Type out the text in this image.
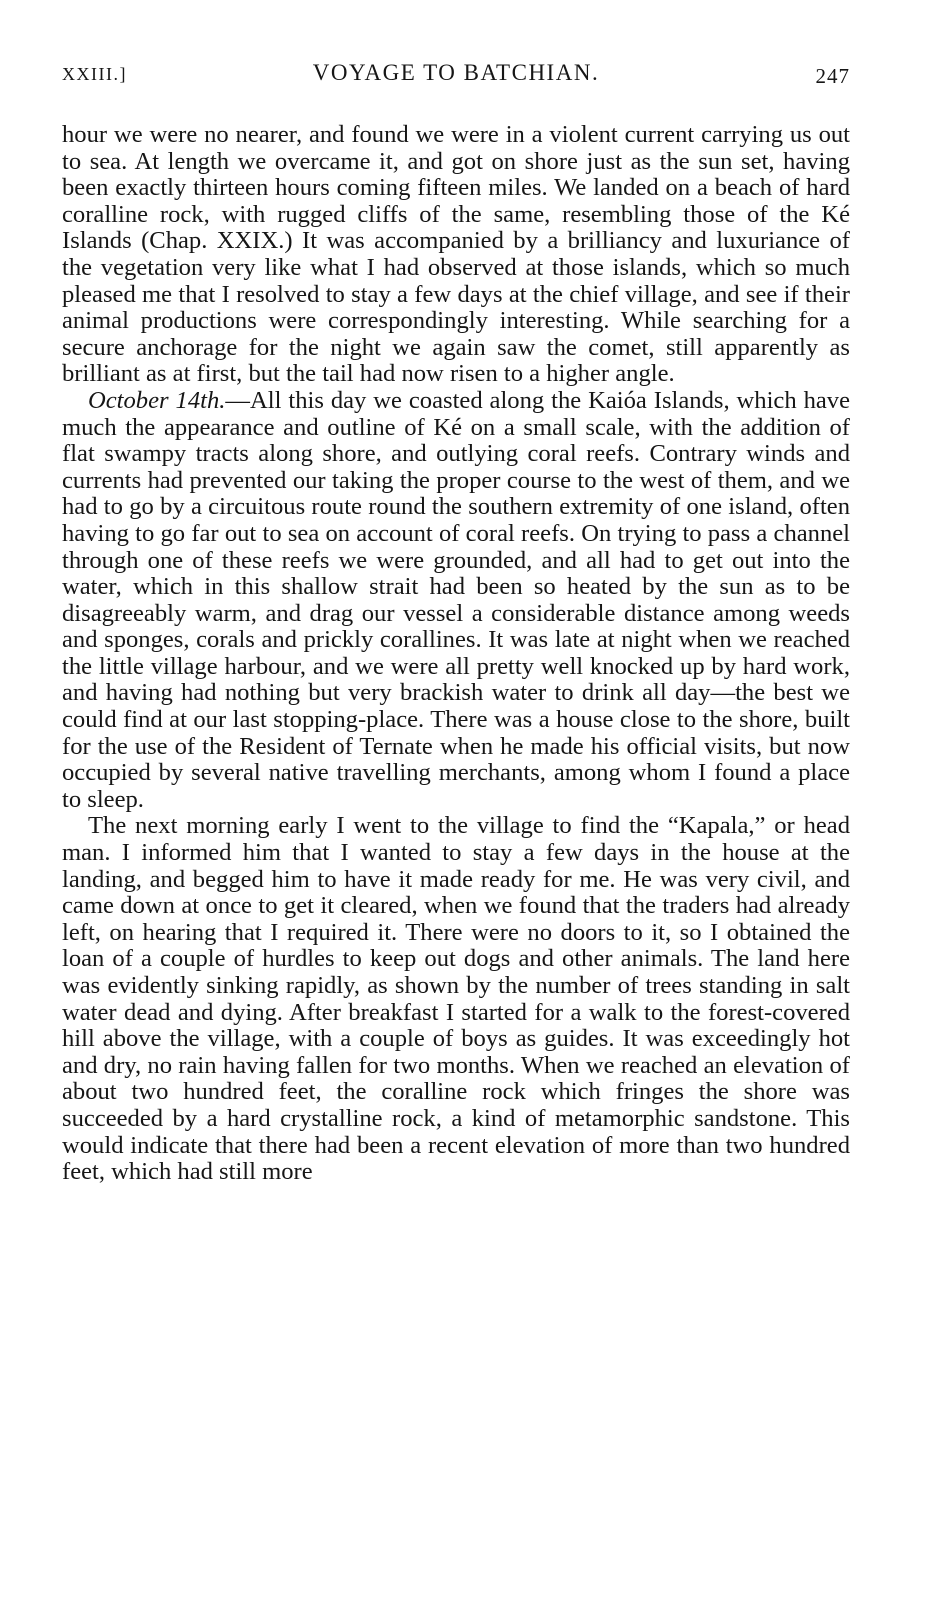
XXIII.]	VOYAGE TO BATCHIAN.	247

hour we were no nearer, and found we were in a violent current carrying us out to sea. At length we overcame it, and got on shore just as the sun set, having been exactly thirteen hours coming fifteen miles. We landed on a beach of hard coralline rock, with rugged cliffs of the same, resembling those of the Ké Islands (Chap. XXIX.) It was accompanied by a brilliancy and luxuriance of the vegetation very like what I had observed at those islands, which so much pleased me that I resolved to stay a few days at the chief village, and see if their animal productions were correspondingly interesting. While searching for a secure anchorage for the night we again saw the comet, still apparently as brilliant as at first, but the tail had now risen to a higher angle.

October 14th.—All this day we coasted along the Kaióa Islands, which have much the appearance and outline of Ké on a small scale, with the addition of flat swampy tracts along shore, and outlying coral reefs. Contrary winds and currents had prevented our taking the proper course to the west of them, and we had to go by a circuitous route round the southern extremity of one island, often having to go far out to sea on account of coral reefs. On trying to pass a channel through one of these reefs we were grounded, and all had to get out into the water, which in this shallow strait had been so heated by the sun as to be disagreeably warm, and drag our vessel a considerable distance among weeds and sponges, corals and prickly corallines. It was late at night when we reached the little village harbour, and we were all pretty well knocked up by hard work, and having had nothing but very brackish water to drink all day—the best we could find at our last stopping-place. There was a house close to the shore, built for the use of the Resident of Ternate when he made his official visits, but now occupied by several native travelling merchants, among whom I found a place to sleep.

The next morning early I went to the village to find the “Kapala,” or head man. I informed him that I wanted to stay a few days in the house at the landing, and begged him to have it made ready for me. He was very civil, and came down at once to get it cleared, when we found that the traders had already left, on hearing that I required it. There were no doors to it, so I obtained the loan of a couple of hurdles to keep out dogs and other animals. The land here was evidently sinking rapidly, as shown by the number of trees standing in salt water dead and dying. After breakfast I started for a walk to the forest-covered hill above the village, with a couple of boys as guides. It was exceedingly hot and dry, no rain having fallen for two months. When we reached an elevation of about two hundred feet, the coralline rock which fringes the shore was succeeded by a hard crystalline rock, a kind of metamorphic sandstone. This would indicate that there had been a recent elevation of more than two hundred feet, which had still more
